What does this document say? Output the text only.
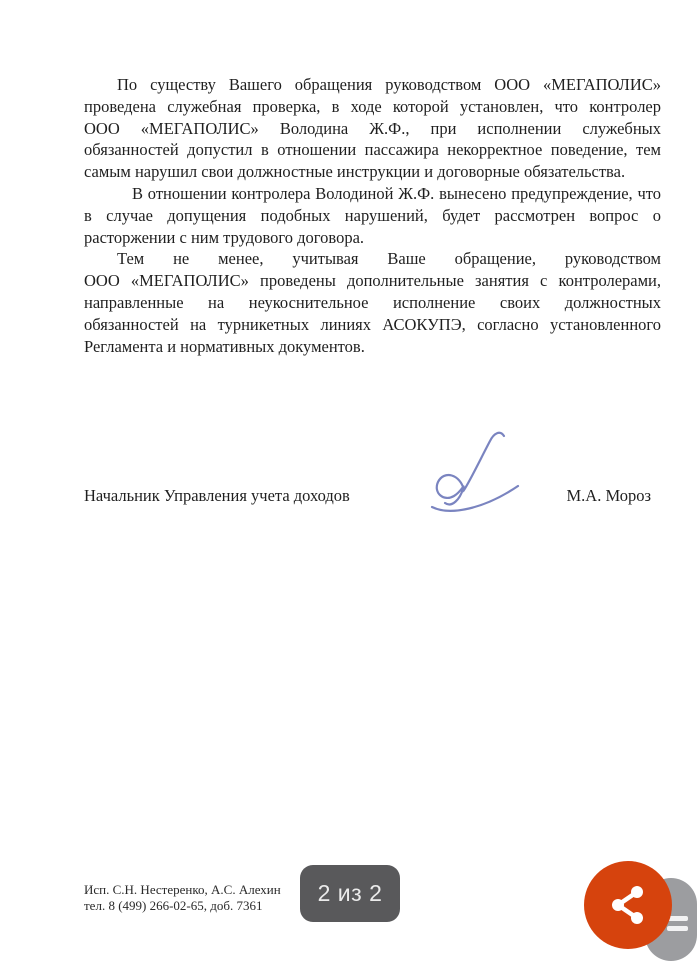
По существу Вашего обращения руководством ООО «МЕГАПОЛИС»
проведена служебная проверка, в ходе которой установлен, что контролер
ООО «МЕГАПОЛИС» Володина Ж.Ф., при исполнении служебных
обязанностей допустил в отношении пассажира некорректное поведение, тем
самым нарушил свои должностные инструкции и договорные обязательства.
В отношении контролера Володиной Ж.Ф. вынесено предупреждение, что
в случае допущения подобных нарушений, будет рассмотрен вопрос о
расторжении с ним трудового договора.
Тем не менее, учитывая Ваше обращение, руководством
ООО «МЕГАПОЛИС» проведены дополнительные занятия с контролерами,
направленные на неукоснительное исполнение своих должностных
обязанностей на турникетных линиях АСОКУПЭ, согласно установленного
Регламента и нормативных документов.
Начальник Управления учета доходов	М.А. Мороз
Исп. С.Н. Нестеренко, А.С. Алехин
тел. 8 (499) 266-02-65, доб. 7361	2 из 2
